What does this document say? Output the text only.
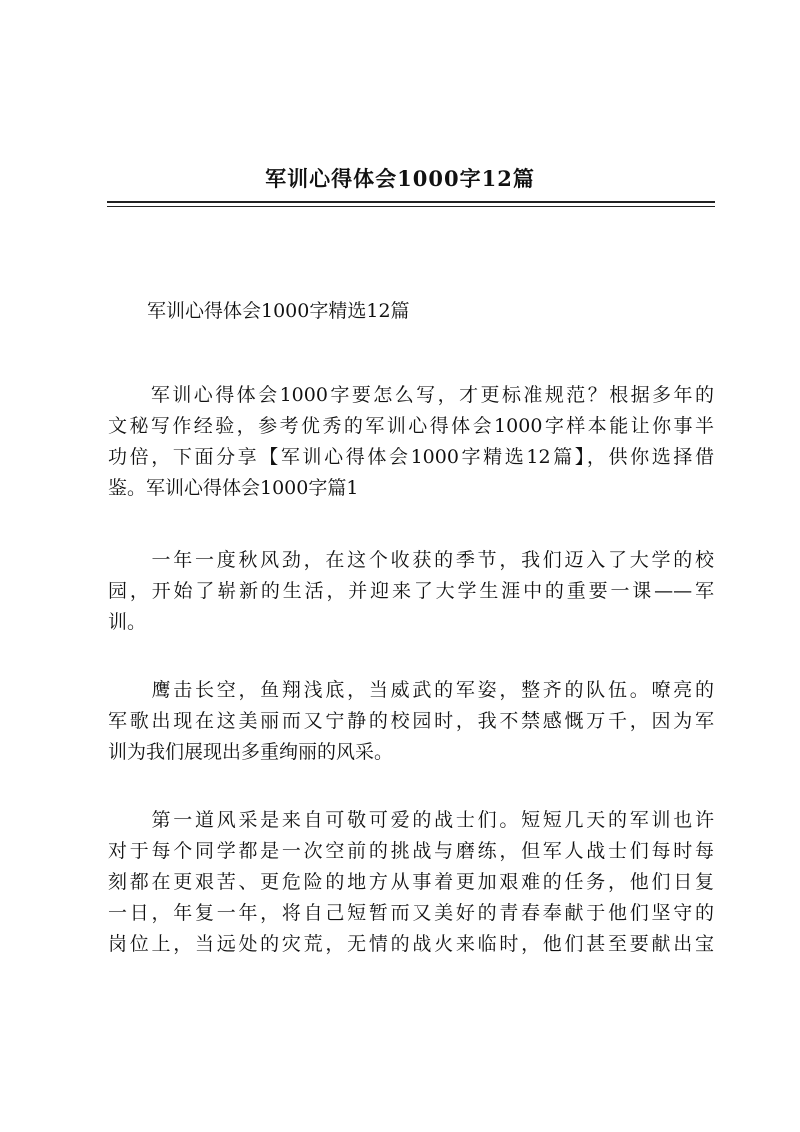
军训心得体会1000字12篇
军训心得体会1000字精选12篇
　　军训心得体会1000字要怎么写，才更标准规范？根据多年的
文秘写作经验，参考优秀的军训心得体会1000字样本能让你事半
功倍，下面分享【军训心得体会1000字精选12篇】，供你选择借
鉴。军训心得体会1000字篇1
　　一年一度秋风劲，在这个收获的季节，我们迈入了大学的校
园，开始了崭新的生活，并迎来了大学生涯中的重要一课——军
训。
　　鹰击长空，鱼翔浅底，当威武的军姿，整齐的队伍。嘹亮的
军歌出现在这美丽而又宁静的校园时，我不禁感慨万千，因为军
训为我们展现出多重绚丽的风采。
　　第一道风采是来自可敬可爱的战士们。短短几天的军训也许
对于每个同学都是一次空前的挑战与磨练，但军人战士们每时每
刻都在更艰苦、更危险的地方从事着更加艰难的任务，他们日复
一日，年复一年，将自己短暂而又美好的青春奉献于他们坚守的
岗位上，当远处的灾荒，无情的战火来临时，他们甚至要献出宝
